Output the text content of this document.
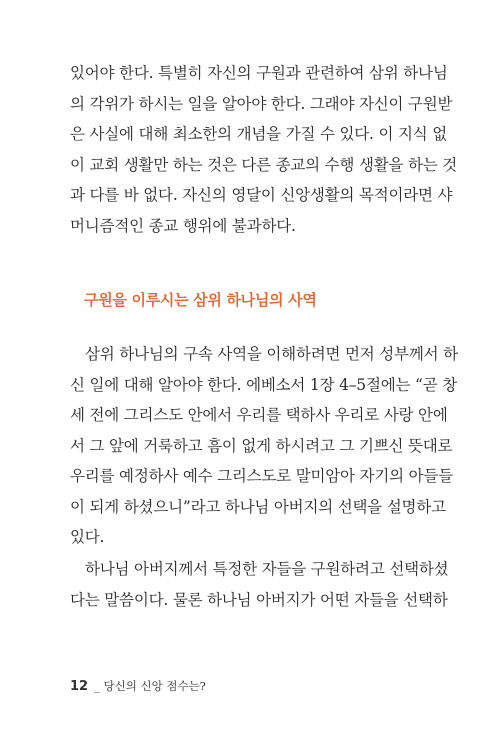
있어야 한다. 특별히 자신의 구원과 관련하여 삼위 하나님
의 각위가 하시는 일을 알아야 한다. 그래야 자신이 구원받
은 사실에 대해 최소한의 개념을 가질 수 있다. 이 지식 없
이 교회 생활만 하는 것은 다른 종교의 수행 생활을 하는 것
과 다를 바 없다. 자신의 영달이 신앙생활의 목적이라면 샤
머니즘적인 종교 행위에 불과하다.
구원을 이루시는 삼위 하나님의 사역
삼위 하나님의 구속 사역을 이해하려면 먼저 성부께서 하
신 일에 대해 알아야 한다. 에베소서 1장 4–5절에는 “곧 창
세 전에 그리스도 안에서 우리를 택하사 우리로 사랑 안에
서 그 앞에 거룩하고 흠이 없게 하시려고 그 기쁘신 뜻대로
우리를 예정하사 예수 그리스도로 말미암아 자기의 아들들
이 되게 하셨으니”라고 하나님 아버지의 선택을 설명하고
있다.
하나님 아버지께서 특정한 자들을 구원하려고 선택하셨
다는 말씀이다. 물론 하나님 아버지가 어떤 자들을 선택하
12 _ 당신의 신앙 점수는?
